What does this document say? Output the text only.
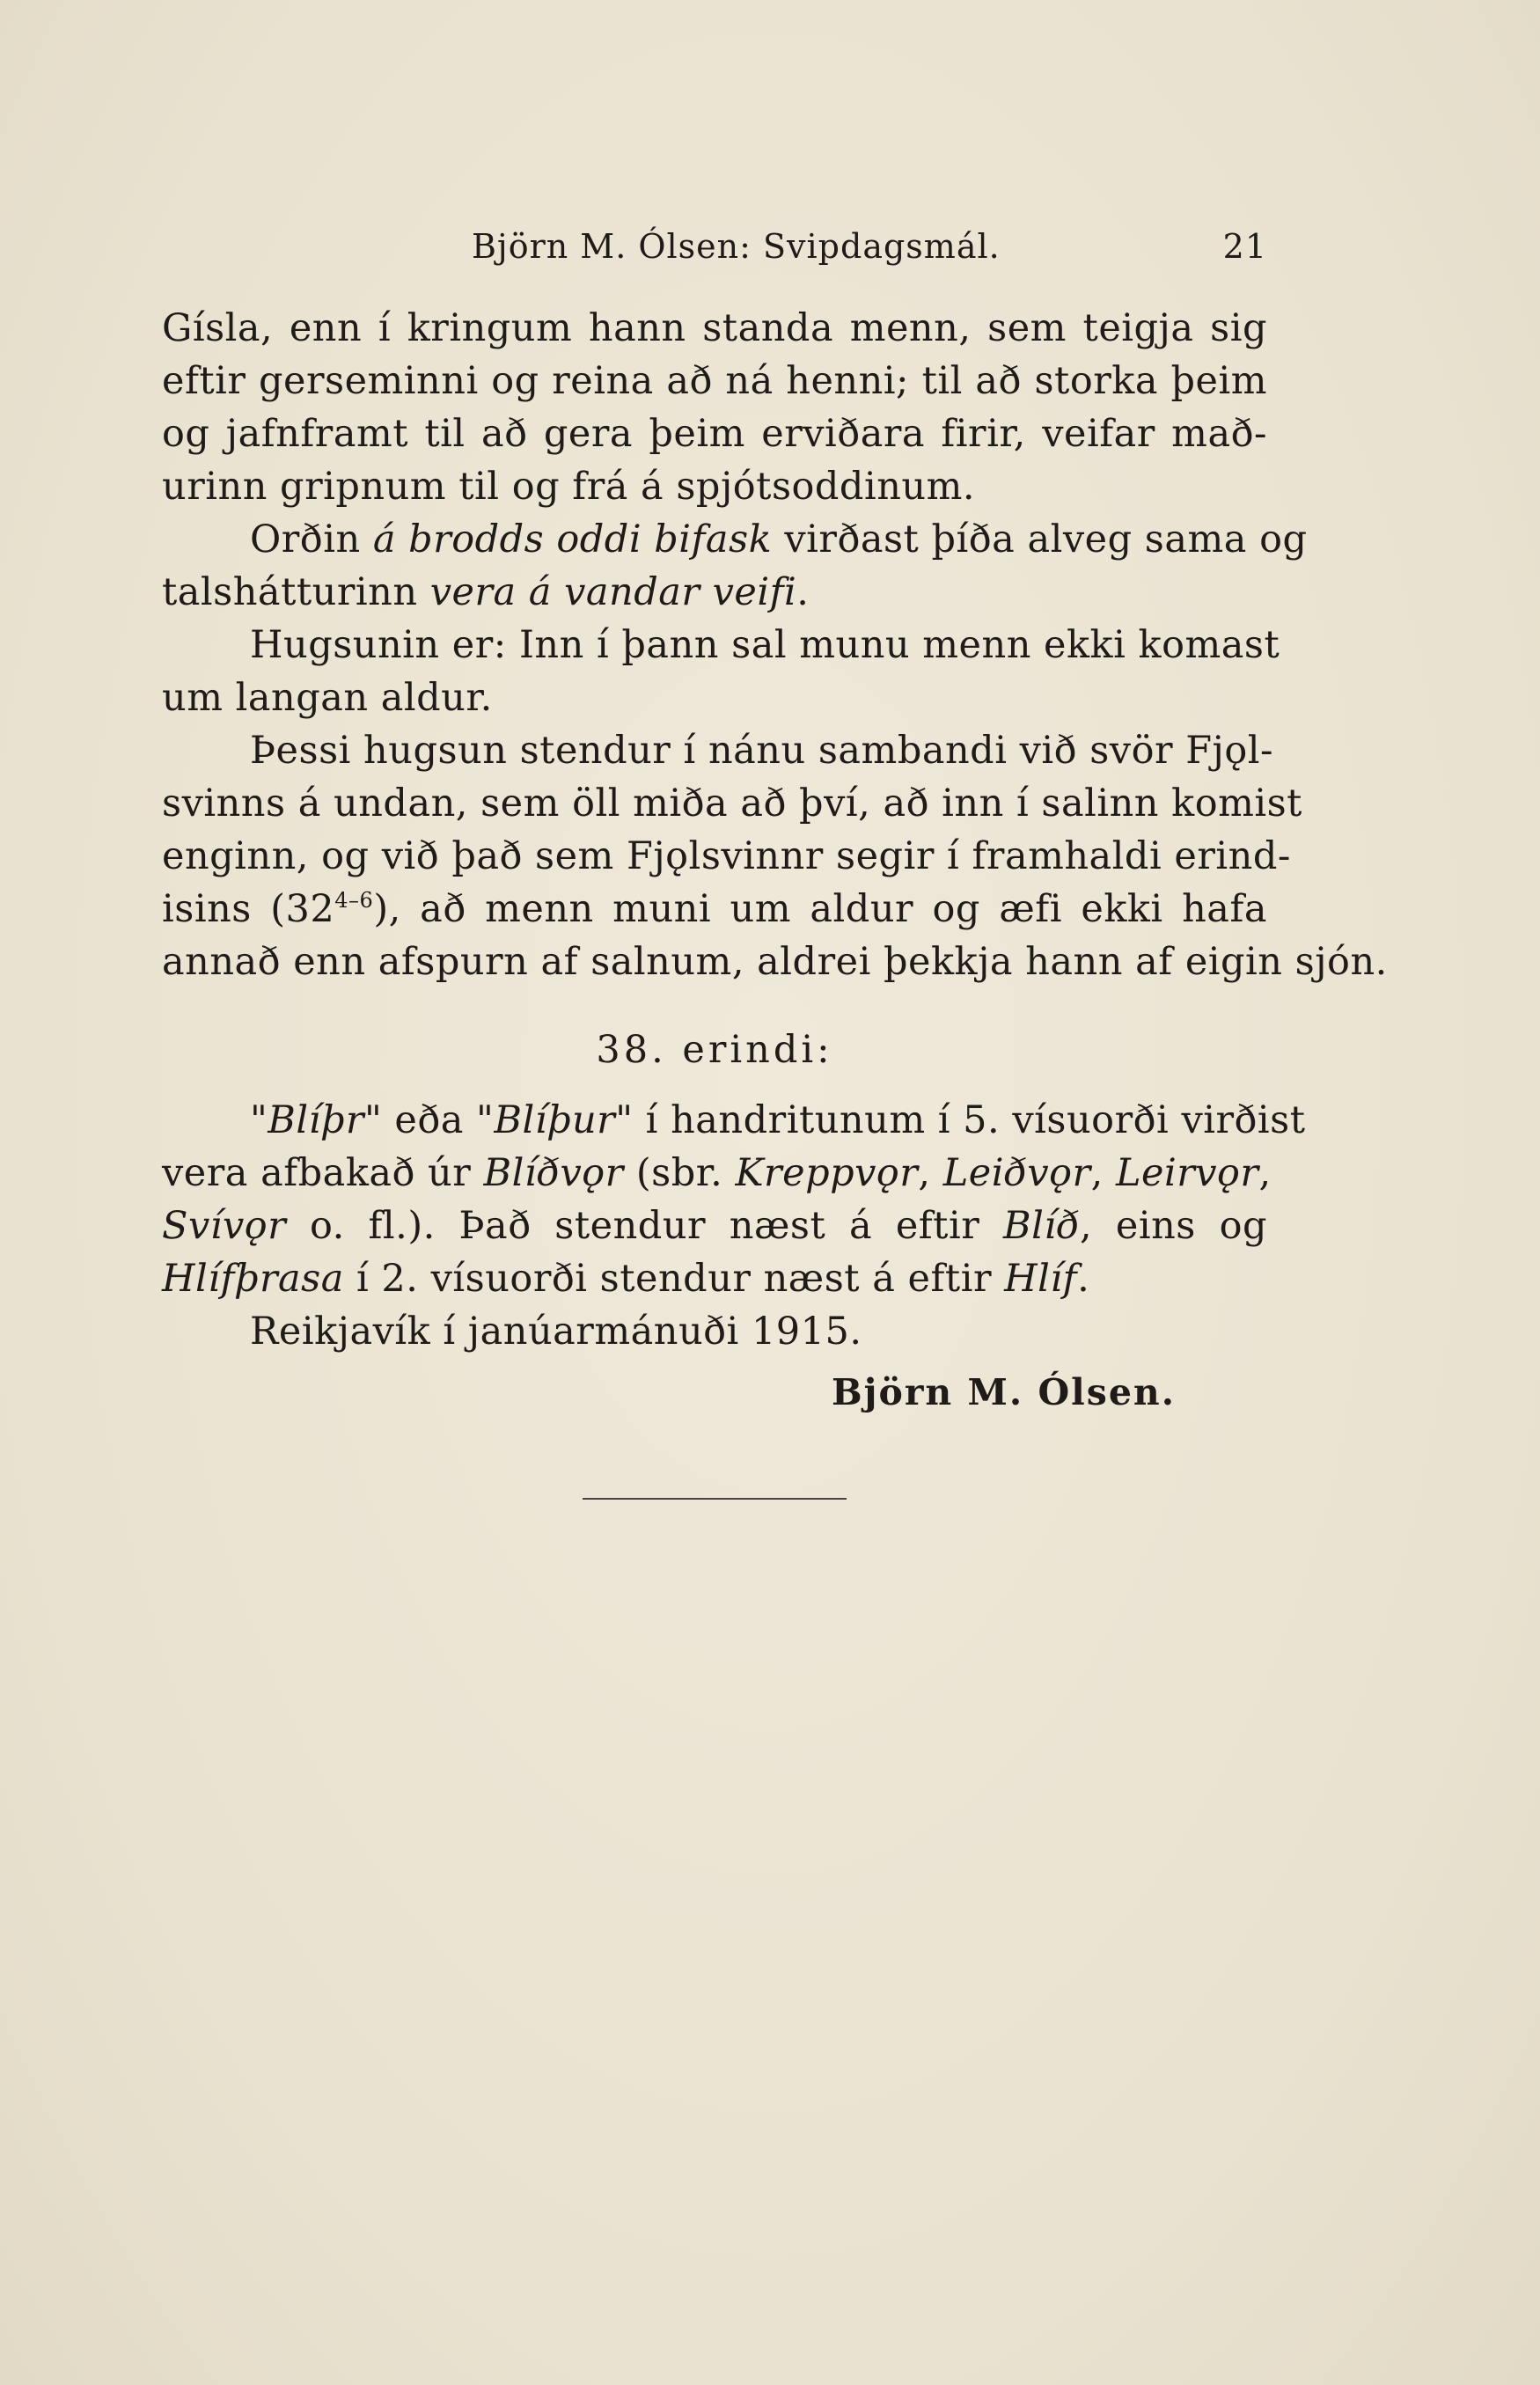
Björn M. Ólsen: Svipdagsmál.	21
Gísla, enn í kringum hann standa menn, sem teigja sig
eftir gerseminni og reina að ná henni; til að storka þeim
og jafnframt til að gera þeim erviðara firir, veifar mað-
urinn gripnum til og frá á spjótsoddinum.
Orðin á brodds oddi bifask virðast þíða alveg sama og
talshátturinn vera á vandar veifi.
Hugsunin er: Inn í þann sal munu menn ekki komast
um langan aldur.
Þessi hugsun stendur í nánu sambandi við svör Fjǫl-
svinns á undan, sem öll miða að því, að inn í salinn komist
enginn, og við það sem Fjǫlsvinnr segir í framhaldi erind-
isins (32$^{4-6}$), að menn muni um aldur og æfi ekki hafa
annað enn afspurn af salnum, aldrei þekkja hann af eigin sjón.
38. erindi:
"Blíþr" eða "Blíþur" í handritunum í 5. vísuorði virðist
vera afbakað úr Blíðvǫr (sbr. Kreppvǫr, Leiðvǫr, Leirvǫr,
Svívǫr o. fl.). Það stendur næst á eftir Blíð, eins og
Hlífþrasa í 2. vísuorði stendur næst á eftir Hlíf.
Reikjavík í janúarmánuði 1915.
Björn M. Ólsen.
